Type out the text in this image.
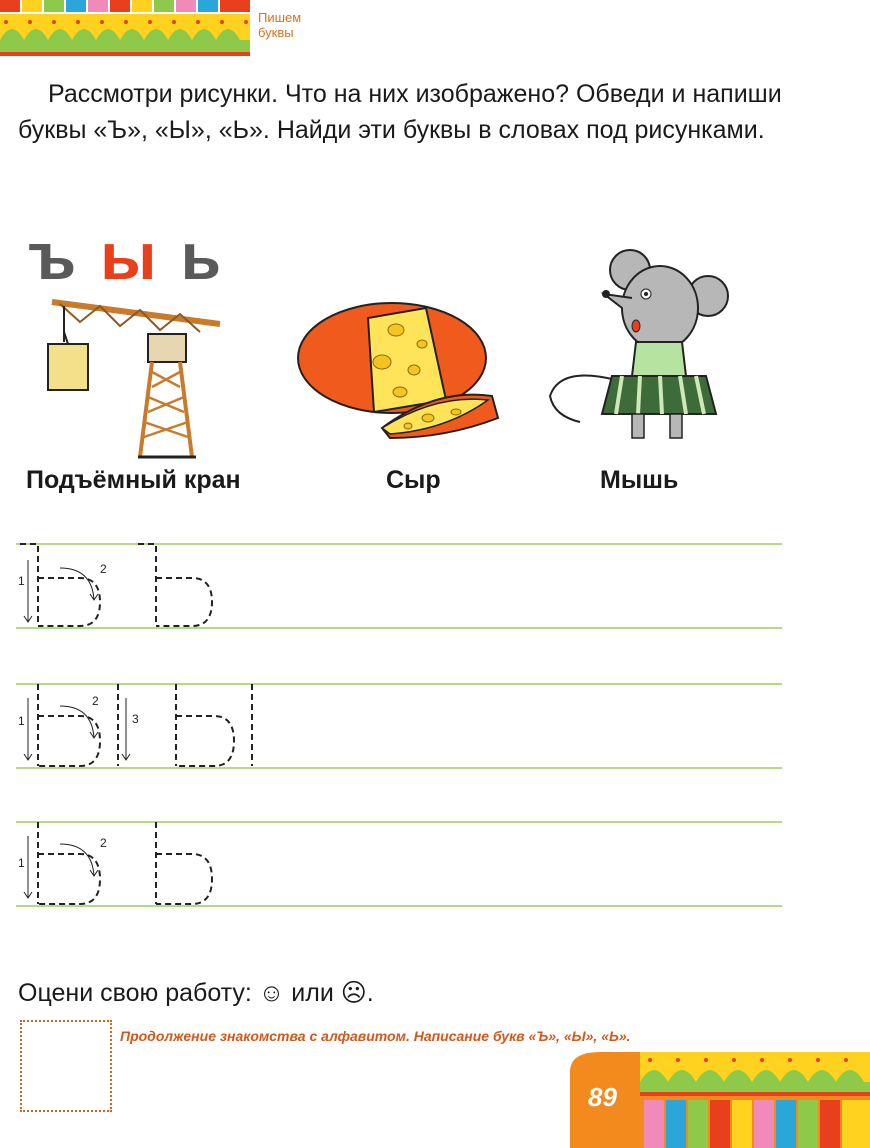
Пишем
буквы

Рассмотри рисунки. Что на них изображено? Обведи и напиши буквы «Ъ», «Ы», «Ь». Найди эти буквы в словах под рисунками.

ъ ы ь
Подъёмный кран	Сыр	Мышь
1
2
1
2
3
1
2
Оцени свою работу: ☺ или ☹.
Продолжение знакомства с алфавитом. Написание букв «Ъ», «Ы», «Ь».
89
